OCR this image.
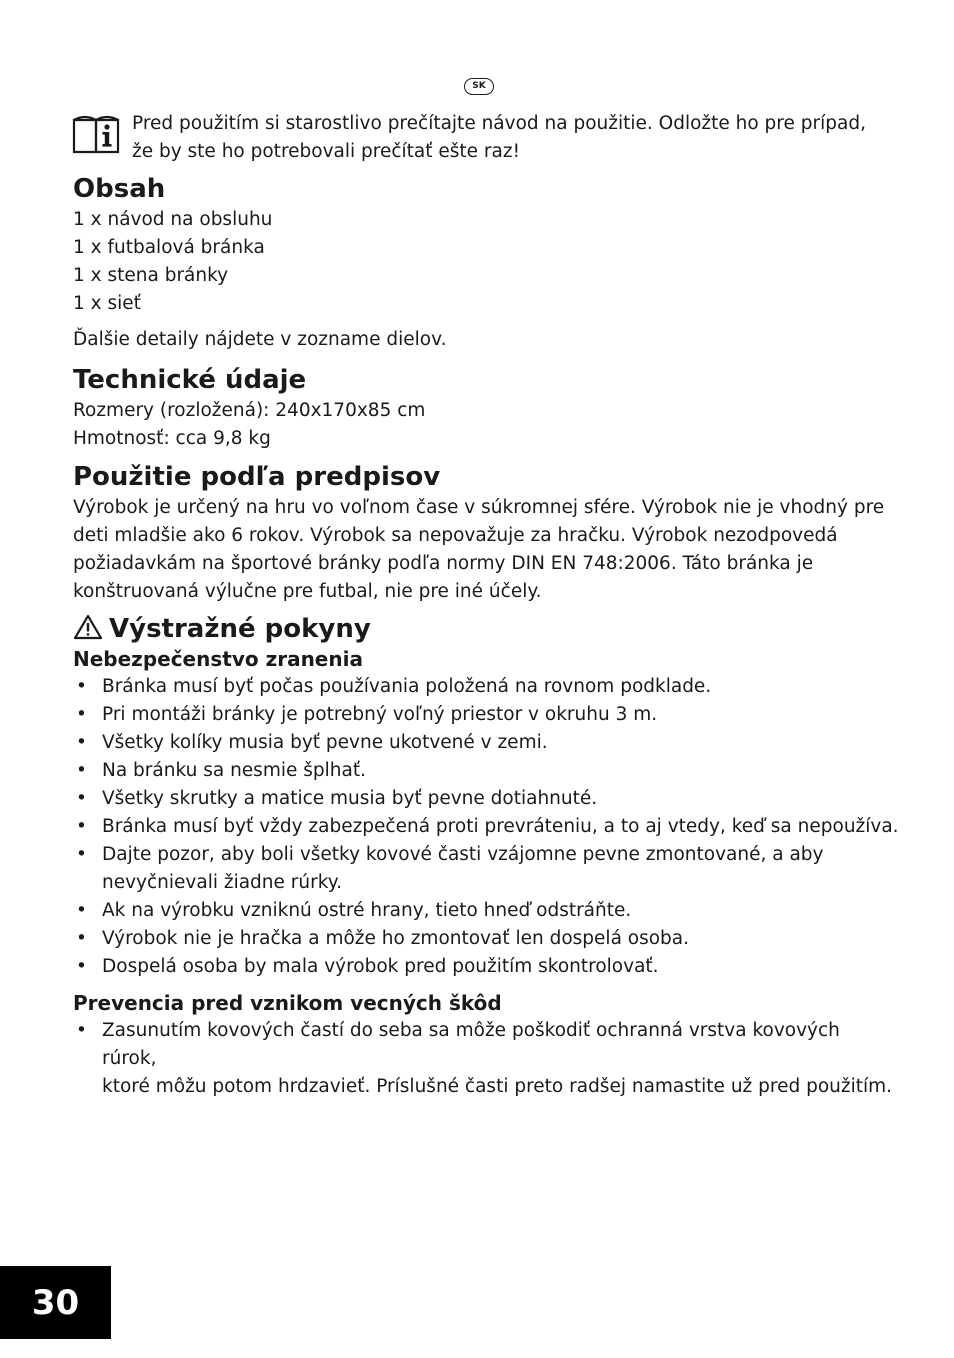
SK
Pred použitím si starostlivo prečítajte návod na použitie. Odložte ho pre prípad,
že by ste ho potrebovali prečítať ešte raz!
Obsah
1 x návod na obsluhu
1 x futbalová bránka
1 x stena bránky
1 x sieť
Ďalšie detaily nájdete v zozname dielov.
Technické údaje
Rozmery (rozložená): 240x170x85 cm
Hmotnosť: cca 9,8 kg
Použitie podľa predpisov
Výrobok je určený na hru vo voľnom čase v súkromnej sfére. Výrobok nie je vhodný pre
deti mladšie ako 6 rokov. Výrobok sa nepovažuje za hračku. Výrobok nezodpovedá
požiadavkám na športové bránky podľa normy DIN EN 748:2006. Táto bránka je
konštruovaná výlučne pre futbal, nie pre iné účely.
Výstražné pokyny
Nebezpečenstvo zranenia
• Bránka musí byť počas používania položená na rovnom podklade.
• Pri montáži bránky je potrebný voľný priestor v okruhu 3 m.
• Všetky kolíky musia byť pevne ukotvené v zemi.
• Na bránku sa nesmie šplhať.
• Všetky skrutky a matice musia byť pevne dotiahnuté.
• Bránka musí byť vždy zabezpečená proti prevráteniu, a to aj vtedy, keď sa nepoužíva.
• Dajte pozor, aby boli všetky kovové časti vzájomne pevne zmontované, a aby
nevyčnievali žiadne rúrky.
• Ak na výrobku vzniknú ostré hrany, tieto hneď odstráňte.
• Výrobok nie je hračka a môže ho zmontovať len dospelá osoba.
• Dospelá osoba by mala výrobok pred použitím skontrolovať.
Prevencia pred vznikom vecných škôd
• Zasunutím kovových častí do seba sa môže poškodiť ochranná vrstva kovových rúrok,
ktoré môžu potom hrdzavieť. Príslušné časti preto radšej namastite už pred použitím.
30
